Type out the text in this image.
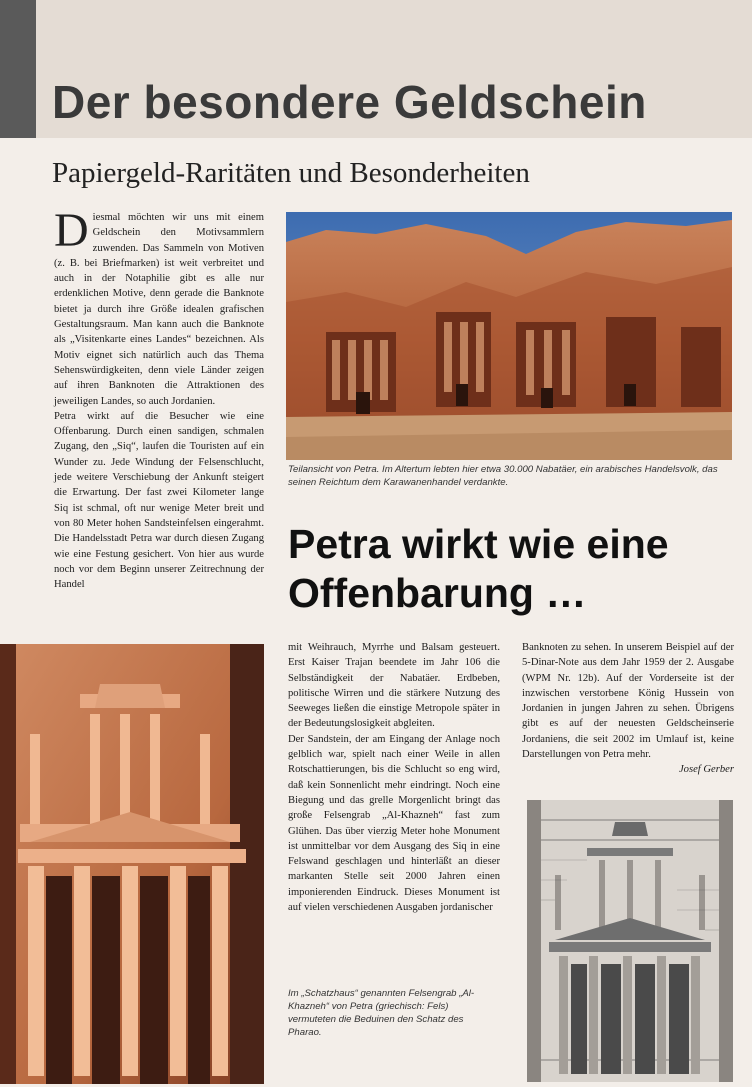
Der besondere Geldschein
Papiergeld-Raritäten und Besonderheiten

Diesmal möchten wir uns mit einem Geldschein den Motivsammlern zuwenden. Das Sammeln von Motiven (z. B. bei Briefmarken) ist weit verbreitet und auch in der Notaphilie gibt es alle nur erdenklichen Motive, denn gerade die Banknote bietet ja durch ihre Größe idealen grafischen Gestaltungsraum. Man kann auch die Banknote als „Visitenkarte eines Landes“ bezeichnen. Als Motiv eignet sich natürlich auch das Thema Sehenswürdigkeiten, denn viele Länder zeigen auf ihren Banknoten die Attraktionen des jeweiligen Landes, so auch Jordanien.

Petra wirkt auf die Besucher wie eine Offenbarung. Durch einen sandigen, schmalen Zugang, den „Siq“, laufen die Touristen auf ein Wunder zu. Jede Windung der Felsenschlucht, jede weitere Verschiebung der Ankunft steigert die Erwartung. Der fast zwei Kilometer lange Siq ist schmal, oft nur wenige Meter breit und von 80 Meter hohen Sandsteinfelsen eingerahmt. Die Handelsstadt Petra war durch diesen Zugang wie eine Festung gesichert. Von hier aus wurde noch vor dem Beginn unserer Zeitrechnung der Handel

Teilansicht von Petra. Im Altertum lebten hier etwa 30.000 Nabatäer, ein arabisches Handelsvolk, das seinen Reichtum dem Karawanenhandel verdankte.

Petra wirkt wie eine Offenbarung …

mit Weihrauch, Myrrhe und Balsam gesteuert. Erst Kaiser Trajan beendete im Jahr 106 die Selbständigkeit der Nabatäer. Erdbeben, politische Wirren und die stärkere Nutzung des Seeweges ließen die einstige Metropole später in der Bedeutungslosigkeit abgleiten.

Der Sandstein, der am Eingang der Anlage noch gelblich war, spielt nach einer Weile in allen Rotschattierungen, bis die Schlucht so eng wird, daß kein Sonnenlicht mehr eindringt. Noch eine Biegung und das grelle Morgenlicht bringt das große Felsengrab „Al-Khazneh“ fast zum Glühen. Das über vierzig Meter hohe Monument ist unmittelbar vor dem Ausgang des Siq in eine Felswand geschlagen und hinterläßt an dieser markanten Stelle seit 2000 Jahren einen imponierenden Eindruck. Dieses Monument ist auf vielen verschiedenen Ausgaben jordanischer

Banknoten zu sehen. In unserem Beispiel auf der 5-Dinar-Note aus dem Jahr 1959 der 2. Ausgabe (WPM Nr. 12b). Auf der Vorderseite ist der inzwischen verstorbene König Hussein von Jordanien in jungen Jahren zu sehen. Übrigens gibt es auf der neuesten Geldscheinserie Jordaniens, die seit 2002 im Umlauf ist, keine Darstellungen von Petra mehr.

Josef Gerber

Im „Schatzhaus“ genannten Felsengrab „Al-Khazneh“ von Petra (griechisch: Fels) vermuteten die Beduinen den Schatz des Pharao.
